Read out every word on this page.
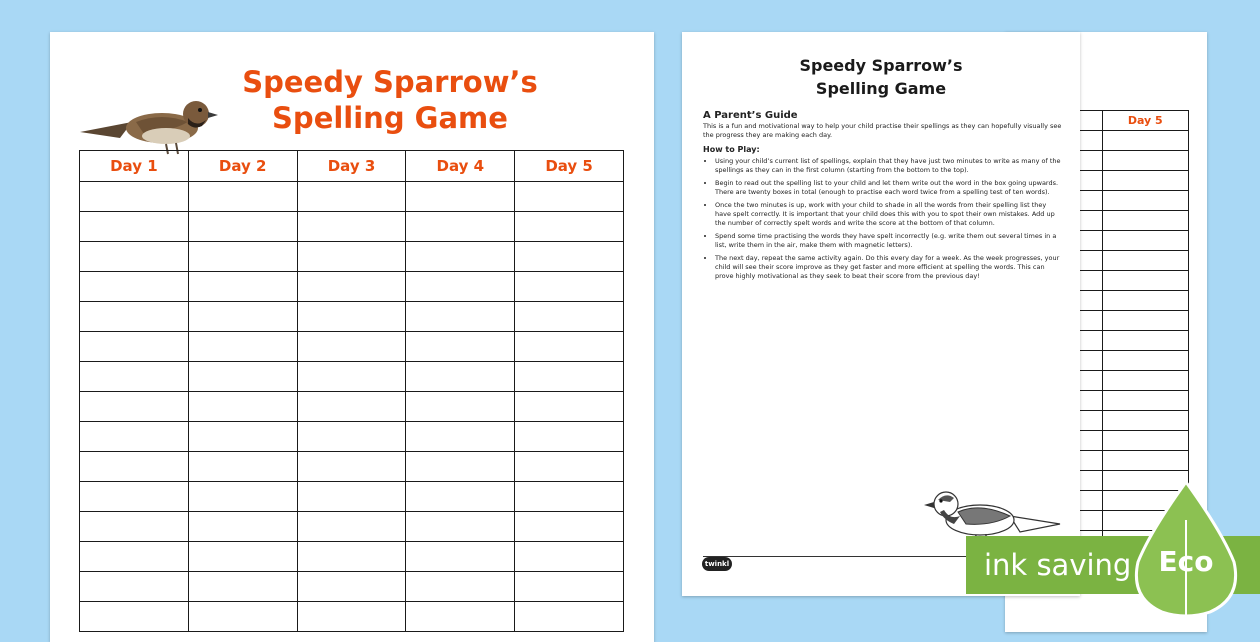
Speedy Sparrow’s
Spelling Game
Day 1	Day 2	Day 3	Day 4	Day 5

	Day 5

Speedy Sparrow’s
Spelling Game

A Parent’s Guide

This is a fun and motivational way to help your child practise their spellings as they can hopefully visually see the progress they are making each day.

How to Play:

• Using your child’s current list of spellings, explain that they have just two minutes to write as many of the spellings as they can in the first column (starting from the bottom to the top).
• Begin to read out the spelling list to your child and let them write out the word in the box going upwards. There are twenty boxes in total (enough to practise each word twice from a spelling test of ten words).
• Once the two minutes is up, work with your child to shade in all the words from their spelling list they have spelt correctly. It is important that your child does this with you to spot their own mistakes. Add up the number of correctly spelt words and write the score at the bottom of that column.
• Spend some time practising the words they have spelt incorrectly (e.g. write them out several times in a list, write them in the air, make them with magnetic letters).
• The next day, repeat the same activity again. Do this every day for a week. As the week progresses, your child will see their score improve as they get faster and more efficient at spelling the words. This can prove highly motivational as they seek to beat their score from the previous day!
twinkl	ink saving Eco
